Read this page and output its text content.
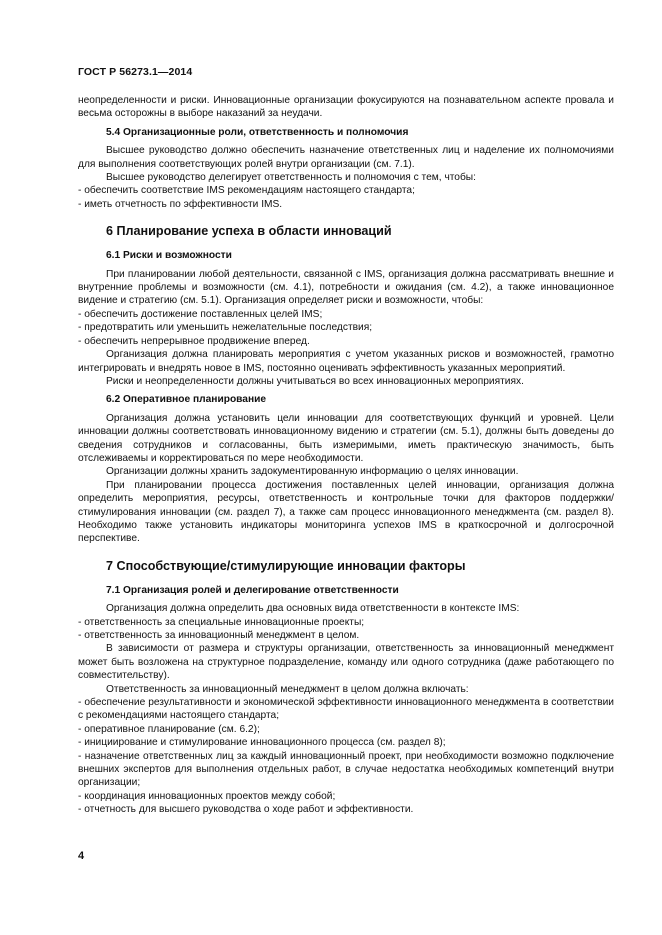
ГОСТ Р 56273.1—2014

неопределенности и риски. Инновационные организации фокусируются на познавательном аспекте провала и весьма осторожны в выборе наказаний за неудачи.

5.4 Организационные роли, ответственность и полномочия

Высшее руководство должно обеспечить назначение ответственных лиц и наделение их полномочиями для выполнения соответствующих ролей внутри организации (см. 7.1).

Высшее руководство делегирует ответственность и полномочия с тем, чтобы:

- обеспечить соответствие IMS рекомендациям настоящего стандарта;

- иметь отчетность по эффективности IMS.

6 Планирование успеха в области инноваций
6.1 Риски и возможности

При планировании любой деятельности, связанной с IMS, организация должна рассматривать внешние и внутренние проблемы и возможности (см. 4.1), потребности и ожидания (см. 4.2), а также инновационное видение и стратегию (см. 5.1). Организация определяет риски и возможности, чтобы:

- обеспечить достижение поставленных целей IMS;

- предотвратить или уменьшить нежелательные последствия;

- обеспечить непрерывное продвижение вперед.

Организация должна планировать мероприятия с учетом указанных рисков и возможностей, грамотно интегрировать и внедрять новое в IMS, постоянно оценивать эффективность указанных мероприятий.

Риски и неопределенности должны учитываться во всех инновационных мероприятиях.

6.2 Оперативное планирование

Организация должна установить цели инновации для соответствующих функций и уровней. Цели инновации должны соответствовать инновационному видению и стратегии (см. 5.1), должны быть доведены до сведения сотрудников и согласованны, быть измеримыми, иметь практическую значимость, быть отслеживаемы и корректироваться по мере необходимости.

Организации должны хранить задокументированную информацию о целях инновации.

При планировании процесса достижения поставленных целей инновации, организация должна определить мероприятия, ресурсы, ответственность и контрольные точки для факторов поддержки/стимулирования инновации (см. раздел 7), а также сам процесс инновационного менеджмента (см. раздел 8). Необходимо также установить индикаторы мониторинга успехов IMS в краткосрочной и долгосрочной перспективе.

7 Способствующие/стимулирующие инновации факторы
7.1 Организация ролей и делегирование ответственности

Организация должна определить два основных вида ответственности в контексте IMS:

- ответственность за специальные инновационные проекты;

- ответственность за инновационный менеджмент в целом.

В зависимости от размера и структуры организации, ответственность за инновационный менеджмент может быть возложена на структурное подразделение, команду или одного сотрудника (даже работающего по совместительству).

Ответственность за инновационный менеджмент в целом должна включать:

- обеспечение результативности и экономической эффективности инновационного менеджмента в соответствии с рекомендациями настоящего стандарта;

- оперативное планирование (см. 6.2);

- инициирование и стимулирование инновационного процесса (см. раздел 8);

- назначение ответственных лиц за каждый инновационный проект, при необходимости возможно подключение внешних экспертов для выполнения отдельных работ, в случае недостатка необходимых компетенций внутри организации;

- координация инновационных проектов между собой;

- отчетность для высшего руководства о ходе работ и эффективности.

4
